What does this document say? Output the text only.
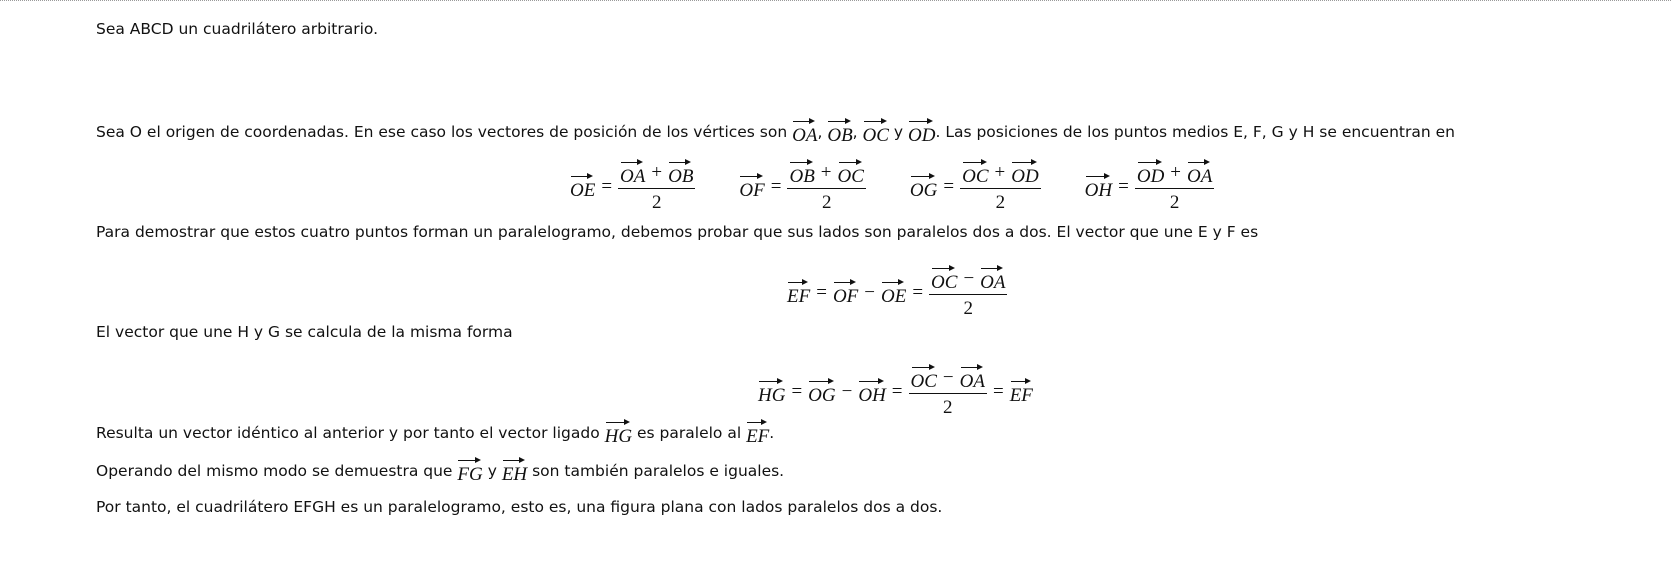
Sea ABCD un cuadrilátero arbitrario.
Sea O el origen de coordenadas. En ese caso los vectores de posición de los vértices son OA, OB, OC y OD. Las posiciones de los puntos medios E, F, G y H se encuentran en
OE = $\frac{OA + OB}{2}$ OF = $\frac{OB + OC}{2}$ OG = $\frac{OC + OD}{2}$ OH = $\frac{OD + OA}{2}$
Para demostrar que estos cuatro puntos forman un paralelogramo, debemos probar que sus lados son paralelos dos a dos. El vector que une E y F es
EF = OF − OE = $\frac{OC - OA}{2}$
El vector que une H y G se calcula de la misma forma
HG = OG − OH = $\frac{OC - OA}{2}$ = EF
Resulta un vector idéntico al anterior y por tanto el vector ligado HG es paralelo al EF.
Operando del mismo modo se demuestra que FG y EH son también paralelos e iguales.
Por tanto, el cuadrilátero EFGH es un paralelogramo, esto es, una figura plana con lados paralelos dos a dos.
